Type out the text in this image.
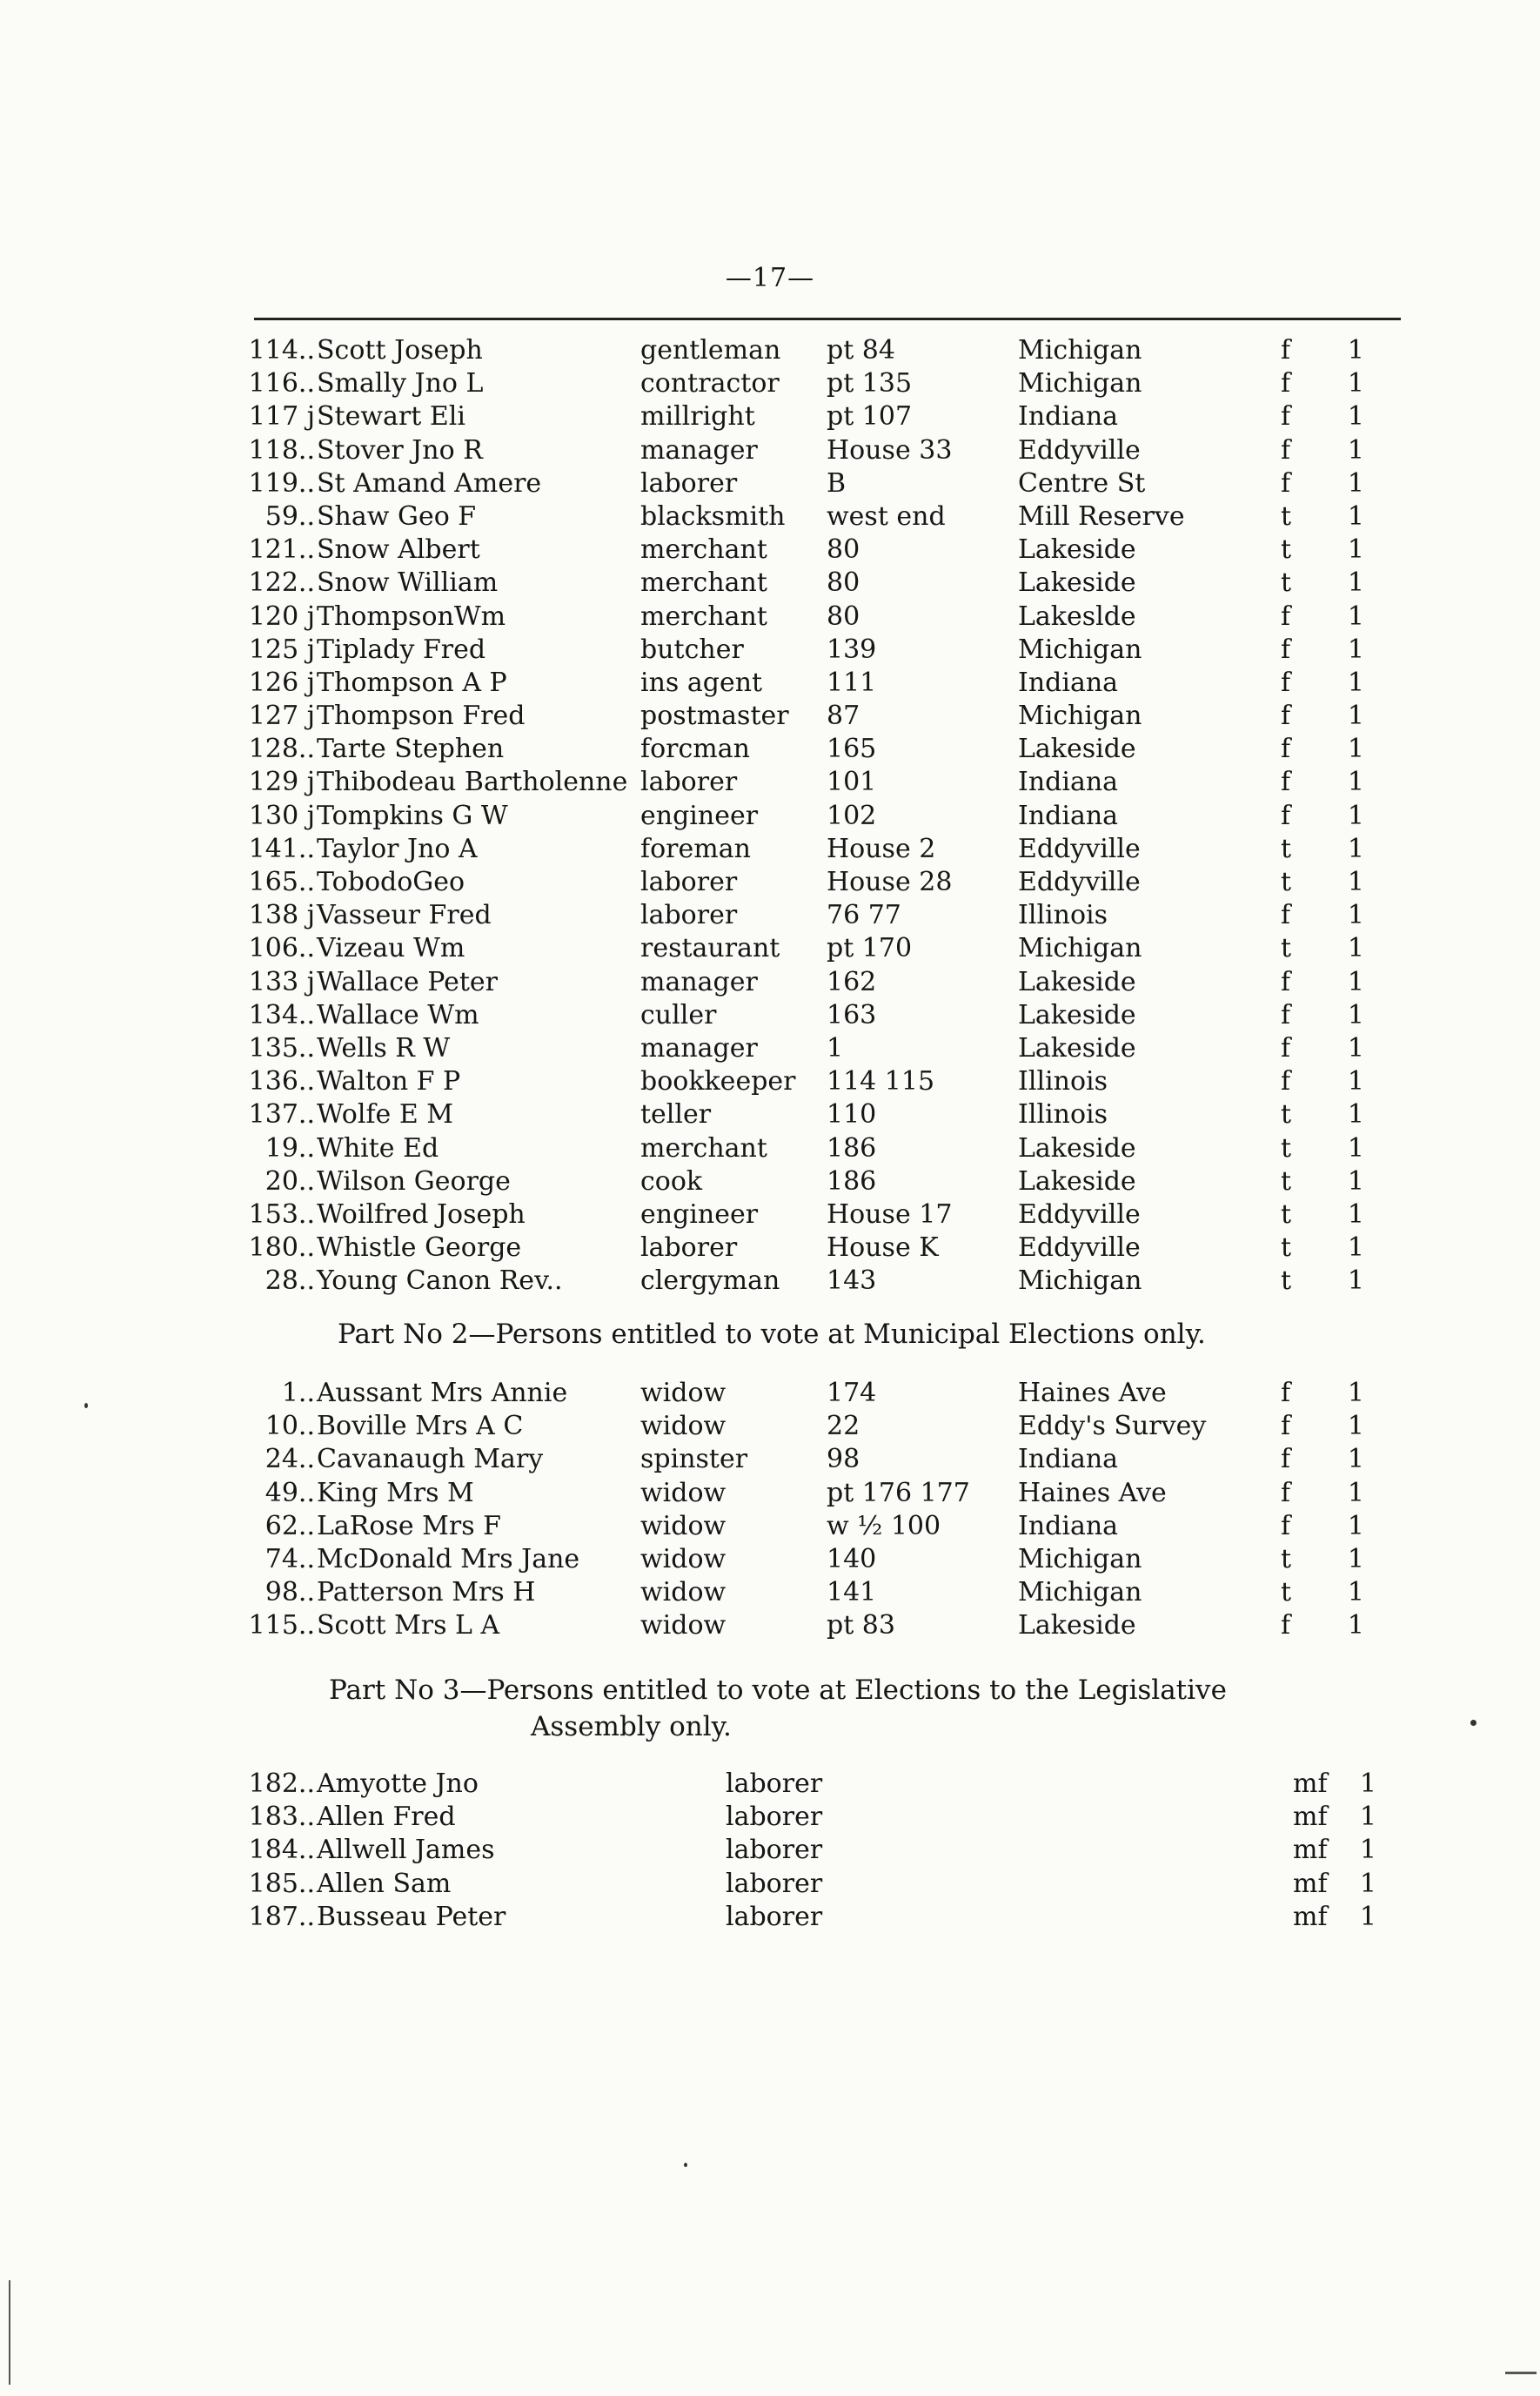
—17—
114.. Scott Joseph	gentleman	pt 84	Michigan	f	1
116.. Smally Jno L	contractor	pt 135	Michigan	f	1
117 j Stewart Eli	millright	pt 107	Indiana	f	1
118.. Stover Jno R	manager	House 33	Eddyville	f	1
119.. St Amand Amere	laborer	B	Centre St	f	1
59.. Shaw Geo F	blacksmith	west end	Mill Reserve	t	1
121.. Snow Albert	merchant	80	Lakeside	t	1
122.. Snow William	merchant	80	Lakeside	t	1
120 j ThompsonWm	merchant	80	Lakeslde	f	1
125 j Tiplady Fred	butcher	139	Michigan	f	1
126 j Thompson A P	ins agent	111	Indiana	f	1
127 j Thompson Fred	postmaster	87	Michigan	f	1
128.. Tarte Stephen	forcman	165	Lakeside	f	1
129 j Thibodeau Bartholenne laborer	101	Indiana	f	1
130 j Tompkins G W	engineer	102	Indiana	f	1
141.. Taylor Jno A	foreman	House 2	Eddyville	t	1
165.. TobodoGeo	laborer	House 28	Eddyville	t	1
138 j Vasseur Fred	laborer	76 77	Illinois	f	1
106.. Vizeau Wm	restaurant	pt 170	Michigan	t	1
133 j Wallace Peter	manager	162	Lakeside	f	1
134.. Wallace Wm	culler	163	Lakeside	f	1
135.. Wells R W	manager	1	Lakeside	f	1
136.. Walton F P	bookkeeper	114 115	Illinois	f	1
137.. Wolfe E M	teller	110	Illinois	t	1
19.. White Ed	merchant	186	Lakeside	t	1
20.. Wilson George	cook	186	Lakeside	t	1
153.. Woilfred Joseph	engineer	House 17	Eddyville	t	1
180.. Whistle George	laborer	House K	Eddyville	t	1
28.. Young Canon Rev..	clergyman	143	Michigan	t	1
Part No 2—Persons entitled to vote at Municipal Elections only.
1.. Aussant Mrs Annie	widow	174	Haines Ave	f	1
10.. Boville Mrs A C	widow	22	Eddy's Survey	f	1
24.. Cavanaugh Mary	spinster	98	Indiana	f	1
49.. King Mrs M	widow	pt 176 177	Haines Ave	f	1
62.. LaRose Mrs F	widow	w ½ 100	Indiana	f	1
74.. McDonald Mrs Jane	widow	140	Michigan	t	1
98.. Patterson Mrs H	widow	141	Michigan	t	1
115.. Scott Mrs L A	widow	pt 83	Lakeside	f	1
Part No 3—Persons entitled to vote at Elections to the Legislative
Assembly only.
182.. Amyotte Jno	laborer	mf	1
183.. Allen Fred	laborer	mf	1
184.. Allwell James	laborer	mf	1
185.. Allen Sam	laborer	mf	1
187.. Busseau Peter	laborer	mf	1
